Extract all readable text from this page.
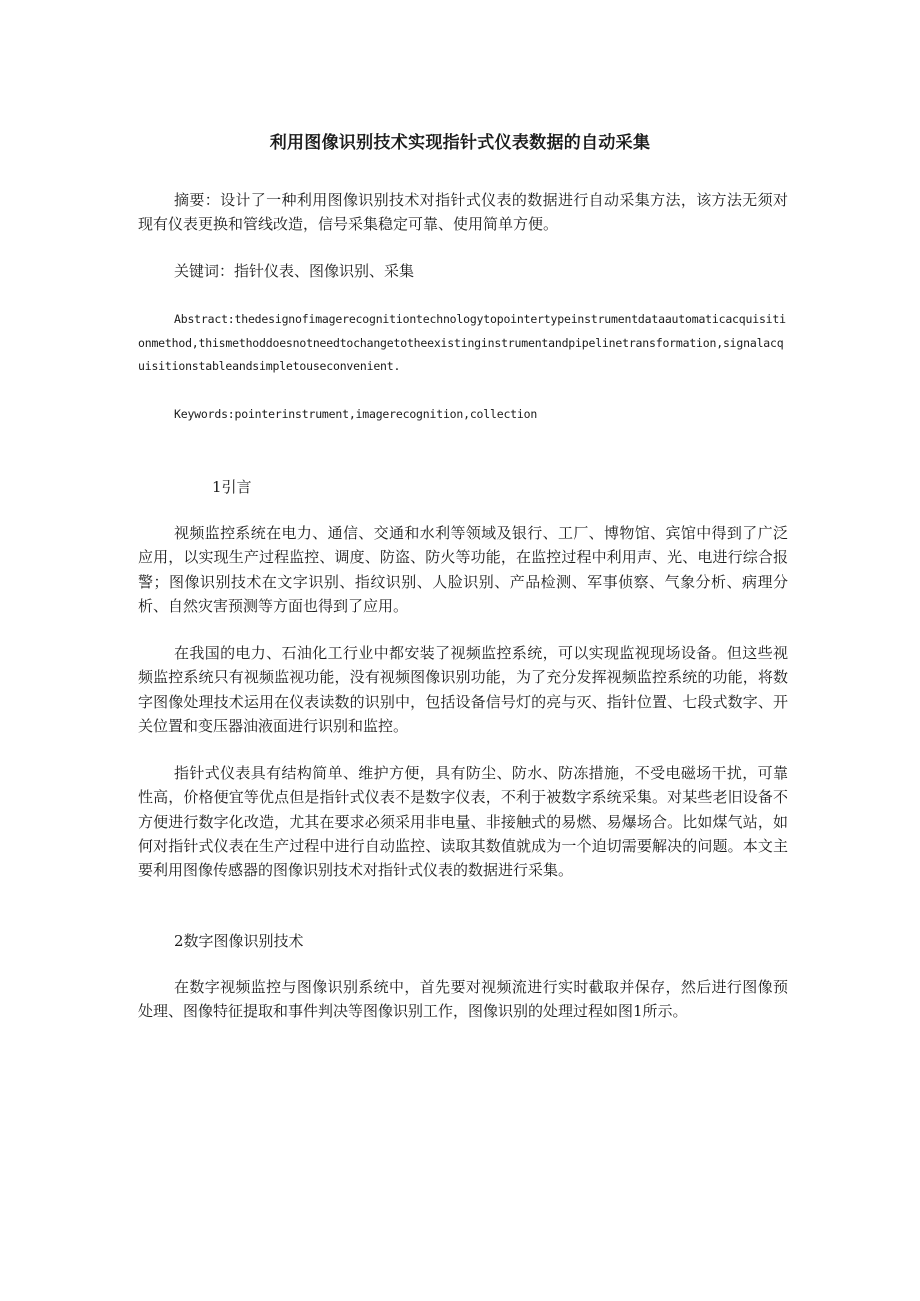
利用图像识别技术实现指针式仪表数据的自动采集

摘要：设计了一种利用图像识别技术对指针式仪表的数据进行自动采集方法，该方法无须对现有仪表更换和管线改造，信号采集稳定可靠、使用简单方便。

关键词：指针仪表、图像识别、采集

Abstract:thedesignofimagerecognitiontechnologytopointertypeinstrumentdataautomaticacquisitionmethod,thismethoddoesnotneedtochangetotheexistinginstrumentandpipelinetransformation,signalacquisitionstableandsimpletouseconvenient.

Keywords:pointerinstrument,imagerecognition,collection

1引言

视频监控系统在电力、通信、交通和水利等领域及银行、工厂、博物馆、宾馆中得到了广泛应用，以实现生产过程监控、调度、防盗、防火等功能，在监控过程中利用声、光、电进行综合报警；图像识别技术在文字识别、指纹识别、人脸识别、产品检测、军事侦察、气象分析、病理分析、自然灾害预测等方面也得到了应用。

在我国的电力、石油化工行业中都安装了视频监控系统，可以实现监视现场设备。但这些视频监控系统只有视频监视功能，没有视频图像识别功能，为了充分发挥视频监控系统的功能，将数字图像处理技术运用在仪表读数的识别中，包括设备信号灯的亮与灭、指针位置、七段式数字、开关位置和变压器油液面进行识别和监控。

指针式仪表具有结构简单、维护方便，具有防尘、防水、防冻措施，不受电磁场干扰，可靠性高，价格便宜等优点但是指针式仪表不是数字仪表，不利于被数字系统采集。对某些老旧设备不方便进行数字化改造，尤其在要求必须采用非电量、非接触式的易燃、易爆场合。比如煤气站，如何对指针式仪表在生产过程中进行自动监控、读取其数值就成为一个迫切需要解决的问题。本文主要利用图像传感器的图像识别技术对指针式仪表的数据进行采集。

2数字图像识别技术

在数字视频监控与图像识别系统中，首先要对视频流进行实时截取并保存，然后进行图像预处理、图像特征提取和事件判决等图像识别工作，图像识别的处理过程如图1所示。
